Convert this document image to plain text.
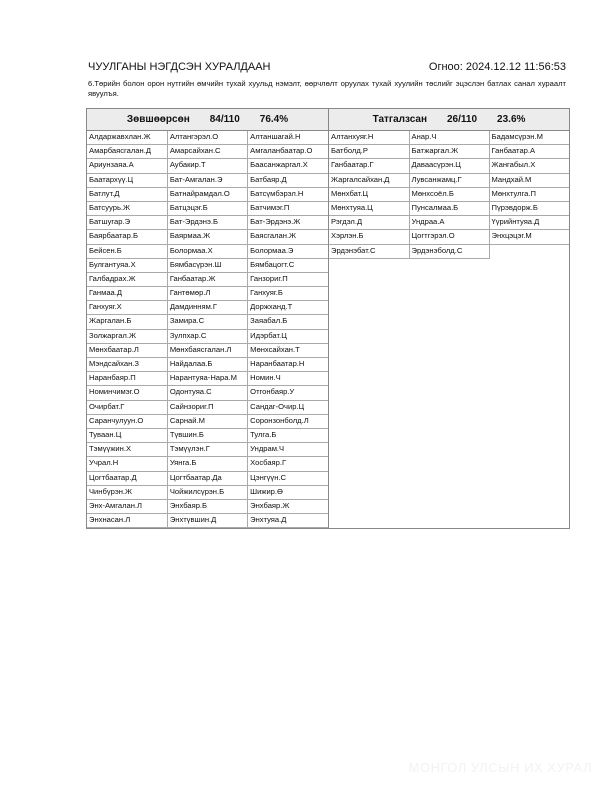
ЧУУЛГАНЫ НЭГДСЭН ХУРАЛДААН	Огноо: 2024.12.12 11:56:53
6.Төрийн болон орон нутгийн өмчийн тухай хуульд нэмэлт, өөрчлөлт оруулах тухай хуулийн төслийг эцэслэн батлах санал хураалт явуулъя.
Зөвшөөрсөн 84/110 76.4%	Татгалзсан 26/110 23.6%

Алдаржавхлан.Ж	Алтангэрэл.О	Алтаншагай.Н
Амарбаясгалан.Д	Амарсайхан.С	Амгаланбаатар.О
Ариунзаяа.А	Аубакир.Т	Баасанжаргал.Х
Баатархүү.Ц	Бат-Амгалан.Э	Батбаяр.Д
Батлут.Д	Батнайрамдал.О	Батсүмбэрэл.Н
Батсуурь.Ж	Батцэцэг.Б	Батчимэг.П
Батшугар.Э	Бат-Эрдэнэ.Б	Бат-Эрдэнэ.Ж
Баярбаатар.Б	Баярмаа.Ж	Баясгалан.Ж
Бейсен.Б	Болормаа.Х	Болормаа.Э
Булгантуяа.Х	Бямбасүрэн.Ш	Бямбацогт.С
Галбадрах.Ж	Ганбаатар.Ж	Ганзориг.П
Ганмаа.Д	Гантөмөр.Л	Ганхуяг.Б
Ганхуяг.Х	Дамдинням.Г	Доржханд.Т
Жаргалан.Б	Замира.С	Заяабал.Б
Золжаргал.Ж	Зулпхар.С	Идэрбат.Ц
Мөнхбаатар.Л	Мөнхбаясгалан.Л	Мөнхсайхан.Т
Мэндсайхан.З	Найдалаа.Б	Наранбаатар.Н
Наранбаяр.П	Нарантуяа-Нара.М	Номин.Ч
Номинчимэг.О	Одонтуяа.С	Отгонбаяр.У
Очирбат.Г	Сайнзориг.П	Сандаг-Очир.Ц
Саранчулуун.О	Сарнай.М	Соронзонболд.Л
Туваан.Ц	Түвшин.Б	Тулга.Б
Тэмүүжин.Х	Тэмүүлэн.Г	Ундрам.Ч
Учрал.Н	Уянга.Б	Хосбаяр.Г
Цогтбаатар.Д	Цогтбаатар.Да	Цэнгүүн.С
Чинбүрэн.Ж	Чойжилсүрэн.Б	Шижир.Ө
Энх-Амгалан.Л	Энхбаяр.Б	Энхбаяр.Ж
Энхнасан.Л	Энхтүвшин.Д	Энхтуяа.Д

Алтанхуяг.Н	Анар.Ч	Бадамсүрэн.М
Батболд.Р	Батжаргал.Ж	Ганбаатар.А
Ганбаатар.Г	Даваасүрэн.Ц	Жангабыл.Х
Жаргалсайхан.Д	Лувсанжамц.Г	Мандхай.М
Мөнхбат.Ц	Мөнхсоёл.Б	Мөнхтулга.П
Мөнхтуяа.Ц	Пунсалмаа.Б	Пүрэвдорж.Б
Рэгдэл.Д	Ундраа.А	Үүрийнтуяа.Д
Хэрлэн.Б	Цогтгэрэл.О	Энхцэцэг.М
Эрдэнэбат.С	Эрдэнэболд.С	
МОНГОЛ УЛСЫН ИХ ХУРАЛ
